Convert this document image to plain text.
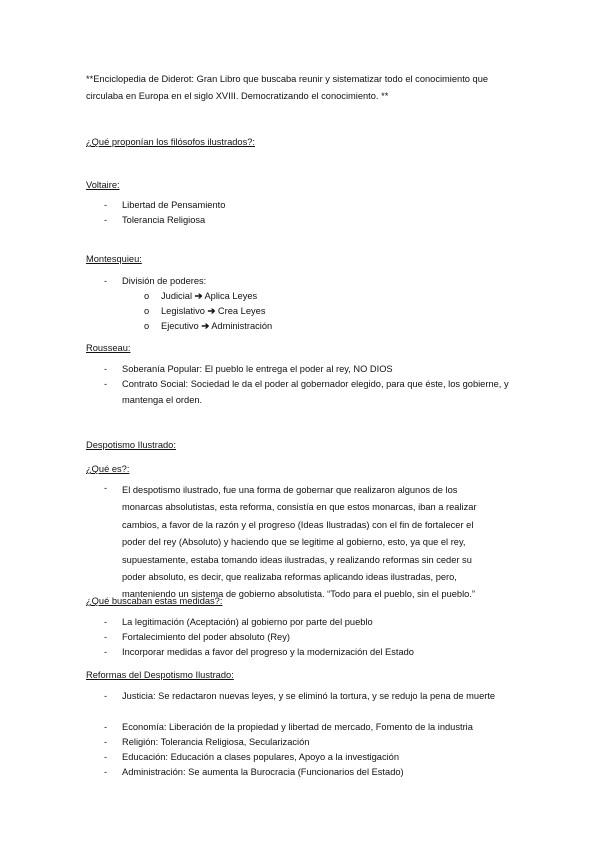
**Enciclopedia de Diderot: Gran Libro que buscaba reunir y sistematizar todo el conocimiento que circulaba en Europa en el siglo XVIII. Democratizando el conocimiento. **
¿Qué proponían los filósofos ilustrados?:
Voltaire:
-	Libertad de Pensamiento
-	Tolerancia Religiosa
Montesquieu:
-	División de poderes:
o Judicial ➔ Aplica Leyes
o Legislativo ➔ Crea Leyes
o Ejecutivo ➔ Administración
Rousseau:
-	Soberanía Popular: El pueblo le entrega el poder al rey, NO DIOS
-	Contrato Social: Sociedad le da el poder al gobernador elegido, para que éste, los gobierne, y mantenga el orden.
Despotismo Ilustrado:
¿Qué es?:
- El despotismo ilustrado, fue una forma de gobernar que realizaron algunos de los monarcas absolutistas, esta reforma, consistía en que estos monarcas, iban a realizar cambios, a favor de la razón y el progreso (Ideas Ilustradas) con el fin de fortalecer el poder del rey (Absoluto) y haciendo que se legitime al gobierno, esto, ya que el rey, supuestamente, estaba tomando ideas ilustradas, y realizando reformas sin ceder su poder absoluto, es decir, que realizaba reformas aplicando ideas ilustradas, pero, manteniendo un sistema de gobierno absolutista. “Todo para el pueblo, sin el pueblo.”
¿Qué buscaban estas medidas?:
-	La legitimación (Aceptación) al gobierno por parte del pueblo
-	Fortalecimiento del poder absoluto (Rey)
-	Incorporar medidas a favor del progreso y la modernización del Estado
Reformas del Despotismo Ilustrado:
-	Justicia: Se redactaron nuevas leyes, y se eliminó la tortura, y se redujo la pena de muerte
-	Economía: Liberación de la propiedad y libertad de mercado, Fomento de la industria
-	Religión: Tolerancia Religiosa, Secularización
-	Educación: Educación a clases populares, Apoyo a la investigación
-	Administración: Se aumenta la Burocracia (Funcionarios del Estado)
